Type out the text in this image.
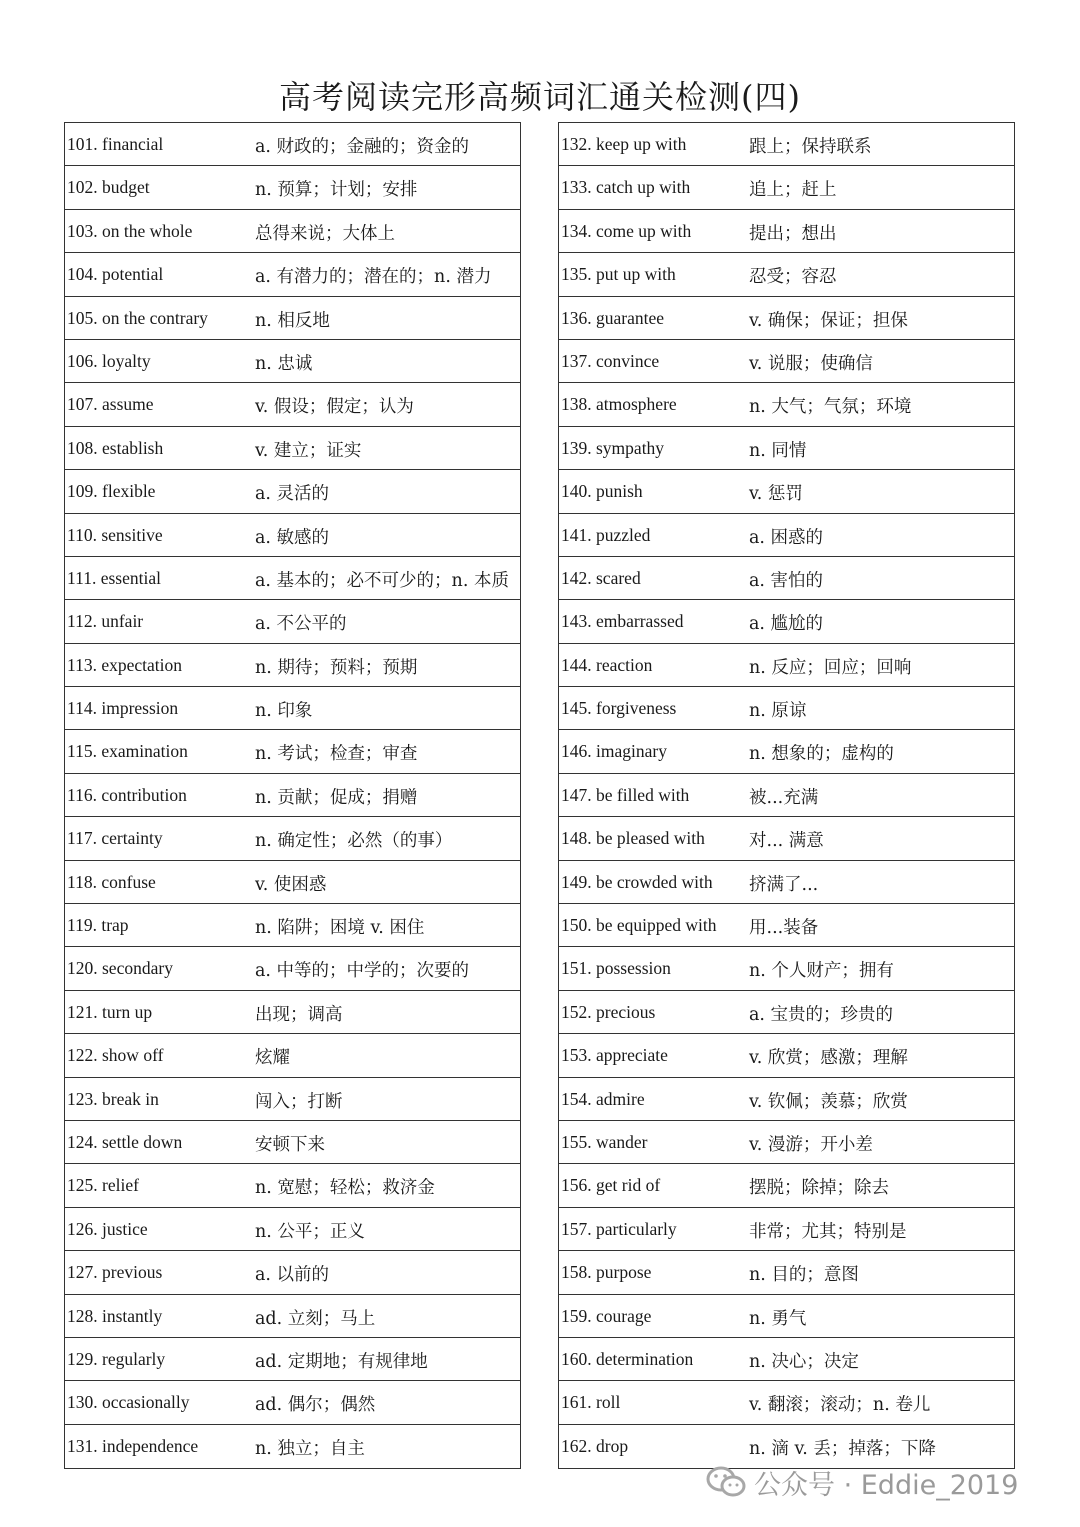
高考阅读完形高频词汇通关检测(四)
101. financial	a. 财政的；金融的；资金的
102. budget	n. 预算；计划；安排
103. on the whole	总得来说；大体上
104. potential	a. 有潜力的；潜在的；n. 潜力
105. on the contrary	n. 相反地
106. loyalty	n. 忠诚
107. assume	v. 假设；假定；认为
108. establish	v. 建立；证实
109. flexible	a. 灵活的
110. sensitive	a. 敏感的
111. essential	a. 基本的；必不可少的；n. 本质
112. unfair	a. 不公平的
113. expectation	n. 期待；预料；预期
114. impression	n. 印象
115. examination	n. 考试；检查；审查
116. contribution	n. 贡献；促成；捐赠
117. certainty	n. 确定性；必然（的事）
118. confuse	v. 使困惑
119. trap	n. 陷阱；困境 v. 困住
120. secondary	a. 中等的；中学的；次要的
121. turn up	出现；调高
122. show off	炫耀
123. break in	闯入；打断
124. settle down	安顿下来
125. relief	n. 宽慰；轻松；救济金
126. justice	n. 公平；正义
127. previous	a. 以前的
128. instantly	ad. 立刻；马上
129. regularly	ad. 定期地；有规律地
130. occasionally	ad. 偶尔；偶然
131. independence	n. 独立；自主
132. keep up with	跟上；保持联系
133. catch up with	追上；赶上
134. come up with	提出；想出
135. put up with	忍受；容忍
136. guarantee	v. 确保；保证；担保
137. convince	v. 说服；使确信
138. atmosphere	n. 大气；气氛；环境
139. sympathy	n. 同情
140. punish	v. 惩罚
141. puzzled	a. 困惑的
142. scared	a. 害怕的
143. embarrassed	a. 尴尬的
144. reaction	n. 反应；回应；回响
145. forgiveness	n. 原谅
146. imaginary	n. 想象的；虚构的
147. be filled with	被...充满
148. be pleased with	对... 满意
149. be crowded with 挤满了...
150. be equipped with 用...装备
151. possession	n. 个人财产；拥有
152. precious	a. 宝贵的；珍贵的
153. appreciate	v. 欣赏；感激；理解
154. admire	v. 钦佩；羡慕；欣赏
155. wander	v. 漫游；开小差
156. get rid of	摆脱；除掉；除去
157. particularly	非常；尤其；特别是
158. purpose	n. 目的；意图
159. courage	n. 勇气
160. determination	n. 决心；决定
161. roll	v. 翻滚；滚动；n. 卷儿
162. drop	n. 滴 v. 丢；掉落；下降
公众号 · Eddie_2019
